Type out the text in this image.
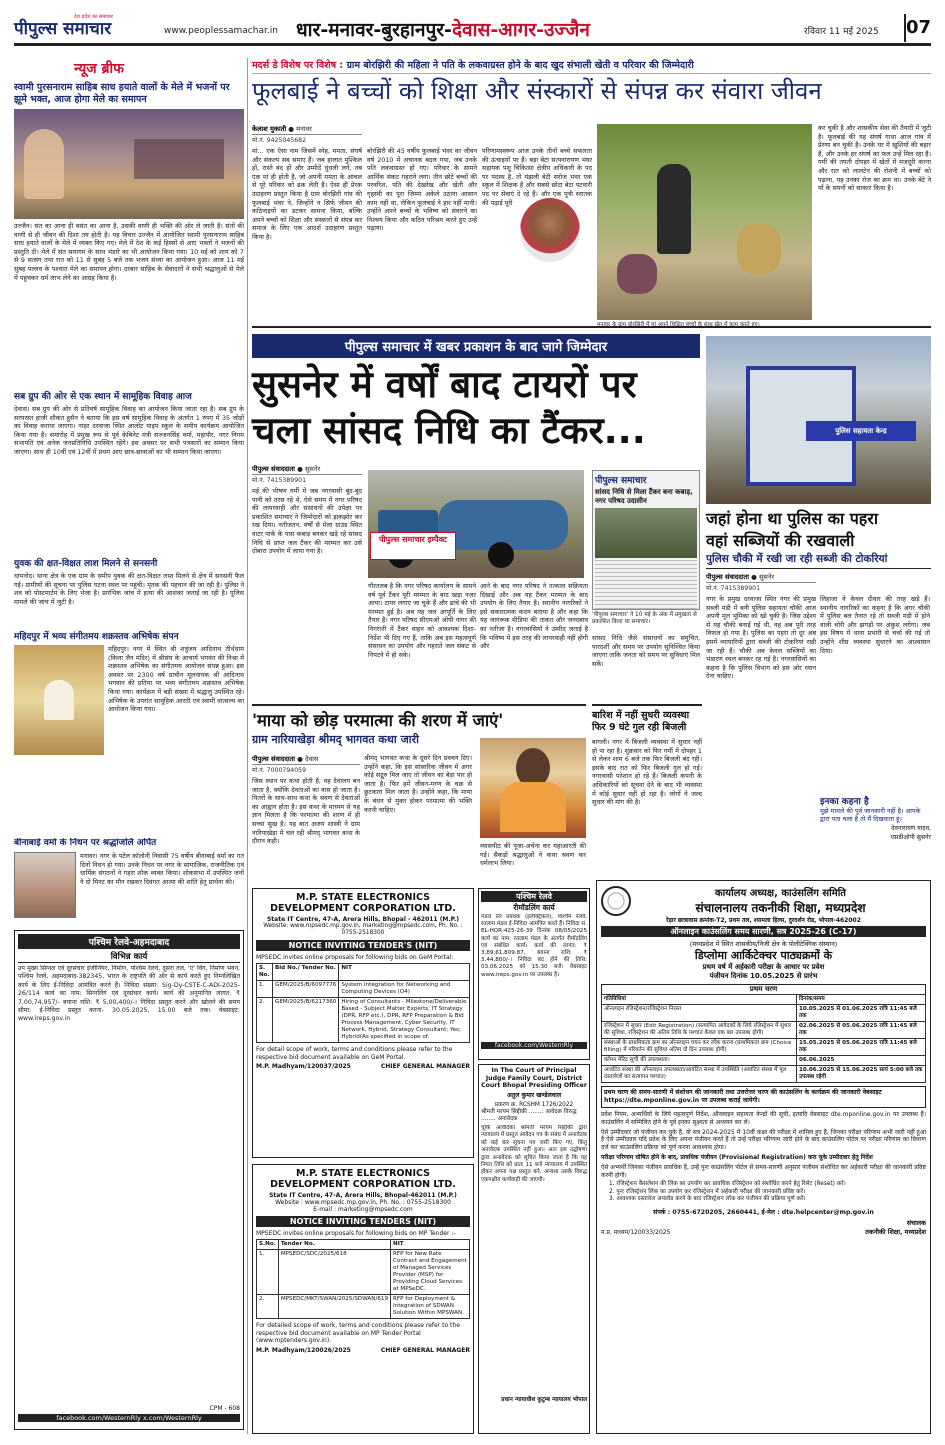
देश प्रदेश का समाचार
पीपुल्स समाचार	www.peoplessamachar.in धार-मनावर-बुरहानपुर-देवास-आगर-उज्जैन	रविवार 11 मई 2025 07
न्यूज ब्रीफ
स्वामी पुरसनाराम साहिब साध हयाते वालों के मेले में भजनों पर झूमे भक्त, आज होगा मेले का समापन
उज्जैन। संत का आना ही वसंत का आना है, उसकी वाणी ही भक्ति की ओर ले जाती है। संतों की वाणी से ही जीवन की दिशा तय होती है। यह विचार उज्जैन में आयोजित स्वामी पुरसनाराम साहिब साध हयाते वालों के मेले में व्यक्त किए गए। मेले में देश के कई हिस्सों से आए भक्तों ने भजनों की प्रस्तुति दी। मेले में संत समागम के साथ भंडारे का भी आयोजन किया गया। 10 मई को शाम को 7 से 9 सत्संग तथा रात को 11 से सुबह 5 बजे तक भजन संध्या का आयोजन हुआ। आज 11 मई सुबह पल्लव के पश्चात मेले का समापन होगा। दरबार साहिब के सेवादारों ने सभी श्रद्धालुओं से मेले में पहुंचकर धर्म लाभ लेने का आग्रह किया है।
सब ग्रुप की ओर से एक स्थान में सामूहिक विवाह आज
देवास। सब ग्रुप की ओर से प्रतिवर्ष सामूहिक विवाह का आयोजन किया जाता रहा है। सब ग्रुप के सरपरस्त हाजी शौकत हुसैन ने बताया कि इस वर्ष सामूहिक विवाह के अंतर्गत 1 रुपए में 35 जोड़ों का विवाह कराया जाएगा। नाहर दरवाजा स्थित आलोट पाइप स्कूल के समीप कार्यक्रम आयोजित किया गया है। समारोह में प्रमुख रूप से पूर्व केबिनेट मंत्री सज्जनसिंह वर्मा, महापौर, नगर निगम सभापति एवं अनेक जनप्रतिनिधि उपस्थित रहेंगे। इस अवसर पर सभी पत्रकारों का सम्मान किया जाएगा। साथ ही 10वीं एवं 12वीं में प्रथम आए छात्र-छात्राओं का भी सम्मान किया जाएगा।
युवक की क्षत-विक्षत लाश मिलने से सनसनी
धामनोद। थाना क्षेत्र के एक ग्राम के समीप युवक की क्षत-विक्षत लाश मिलने से क्षेत्र में सनसनी फैल गई। ग्रामीणों की सूचना पर पुलिस घटना स्थल पर पहुंची। मृतक की पहचान की जा रही है। पुलिस ने शव को पोस्टमार्टम के लिए भेजा है। प्रारंभिक जांच में हत्या की आशंका जताई जा रही है। पुलिस मामले की जांच में जुटी है।
महिदपुर में भव्य संगीतमय शक्रस्तव अभिषेक संपन
महिदपुर। नगर में स्थित श्री शत्रुंजय आदिनाथ तीर्थधाम (किला जैन मंदिर) में श्रीसंघ के आचार्य भगवंत की निश्रा में शक्रस्तव अभिषेक का संगीतमय आयोजन संपन्न हुआ। इस अवसर पर 2300 वर्ष प्राचीन मूलनायक श्री आदिनाथ भगवान की प्रतिमा पर भव्य संगीतमय शक्रस्तव अभिषेक किया गया। कार्यक्रम में बड़ी संख्या में श्रद्धालु उपस्थित रहे। अभिषेक के उपरांत सामूहिक आरती एवं स्वामी वात्सल्य का आयोजन किया गया।
बीनाबाई वर्मा के निधन पर श्रद्धांजलि अर्पित
मनावर। नगर के पटेल कॉलोनी निवासी 75 वर्षीय बीनाबाई वर्मा का गत दिनों निधन हो गया। उनके निधन पर नगर के सामाजिक, राजनीतिक एवं धार्मिक संगठनों ने गहरा शोक व्यक्त किया। शोकसभा में उपस्थित जनों ने दो मिनट का मौन रखकर दिवंगत आत्मा की शांति हेतु प्रार्थना की।
पश्चिम रेलवे-अहमदाबाद
विभिन्न कार्य
उप मुख्य सिग्नल एवं दूरसंचार इंजीनियर, निर्माण, पश्चिम रेलवे, दूसरा तल, 'ए' विंग, निर्माण भवन, पश्चिम रेलवे, अहमदाबाद-382345, भारत के राष्ट्रपति की ओर से कार्य करते हुए निम्नलिखित कार्य के लिए ई-निविदा आमंत्रित करते हैं। निविदा संख्या: Sig-Dy-CSTE-C-ADI-2025-26/114 कार्य का नाम: सिग्नलिंग एवं दूरसंचार कार्य। कार्य की अनुमानित लागत: ₹ 7,00,74,957/- बयाना राशि: ₹ 5,00,400/-। निविदा प्रस्तुत करने और खोलने की समय सीमा: ई-निविदा प्रस्तुत करना- 30.05.2025, 15.00 बजे तक। वेबसाइट: www.ireps.gov.in
CPM - 608
facebook.com/WesternRly x.com/WesternRly
मदर्स डे विशेष पर विशेष : ग्राम बोरझिरी की महिला ने पति के लकवाग्रस्त होने के बाद खुद संभाली खेती व परिवार की जिम्मेदारी
फूलबाई ने बच्चों को शिक्षा और संस्कारों से संपन्न कर संवारा जीवन
केलाश मुकाती ● मनावर
मो.नं. 9425045682
मां... एक ऐसा नाम जिसमें स्नेह, ममता, संघर्ष और संकल्प सब समाए हैं। जब हालात मुश्किल हों, रास्ते बंद हों और उम्मीदें धुंधली लगें, तब एक मां ही होती है, जो अपनी ममता के आंचल से पूरे परिवार को ढक लेती है। ऐसा ही प्रेरक उदाहरण प्रस्तुत किया है ग्राम बोरझिरी गांव की फूलबाई भंवर ने, जिन्होंने न सिर्फ जीवन की कठिनाइयों का डटकर सामना किया, बल्कि अपने बच्चों को शिक्षा और संस्कारों से संपन्न कर समाज के लिए एक आदर्श उदाहरण प्रस्तुत किया है।
बोरझिरी की 45 वर्षीय फूलबाई भंवर का जीवन वर्ष 2010 में अचानक बदल गया, जब उनके पति लकवाग्रस्त हो गए। परिवार के सामने आर्थिक संकट गहराने लगा। तीन छोटे बच्चों की परवरिश, पति की देखरेख और खेती और गृहस्थी का पूरा जिम्मा अकेले उठाना आसान काम नहीं था, लेकिन फूलबाई ने हार नहीं मानी। उन्होंने अपने बच्चों के भविष्य को संवारने का निश्चय किया और कठिन परिश्रम करते हुए उन्हें पढ़ाया।
परिणामस्वरूप आज उनके तीनों बच्चे सफलता की ऊंचाइयों पर हैं। बड़ा बेटा सत्यनारायण भंवर सहायक पशु चिकित्सा क्षेत्रीय अधिकारी के पद पर पदस्थ है, तो मंझली बेटी सरोज भंवर एक स्कूल में शिक्षक है और सबसे छोटा बेटा पटवारी पद पर सेवाएं दे रहे हैं। और एक पुत्री स्नातक की पढ़ाई पूरी
मनावर के ग्राम बोरझिरी में मां अपने शिक्षित बच्चों के साथ खेत में काम करते हुए।
कर चुकी है और शासकीय सेवा की तैयारी में जुटी है। फूलबाई की यह संघर्ष गाथा आज गांव में प्रेरणा बन चुकी है। उनके घर में खुशियों की बहार है, और उनके हर संघर्ष का फल उन्हें मिल रहा है। गर्मी की तपती दोपहर में खेतों में मजदूरी करना और रात को लालटेन की रोशनी में बच्चों को पढ़ाना, यह उनका रोज का क्रम था। उनके बेटे ने माँ के सपनों को साकार किया है।
पीपुल्स समाचार में खबर प्रकाशन के बाद जागे जिम्मेदार
सुसनेर में वर्षों बाद टायरों पर चला सांसद निधि का टैंकर...
पीपुल्स संवाददाता ● सुसनेर
मो.नं. 7415389901
मई की भीषण गर्मी में जब नगरवासी बूंद-बूंद पानी को तरस रहे थे, ऐसे समय में नगर परिषद की लापरवाही और संसाधनों की उपेक्षा पर प्रकाशित समाचार ने जिम्मेदारों को झकझोर कर रख दिया। नतीजतन, वर्षों से मेला ग्राउंड स्थित वाटर पार्क के पास कबाड़ बनकर खड़े रहे सांसद निधि से प्राप्त जल टैंकर की मरम्मत कर उसे दोबारा उपयोग में लाया गया है।
पीपुल्स समाचार इम्पैक्ट
गौरतलब है कि नगर परिषद कार्यालय के सामने वर्ष पूर्व टैंकर पूरी मरम्मत के बाद खड़ा नज़र आया। टायर लगाए जा चुके हैं और ढांचे की भी मरम्मत हुई है। अब यह जल आपूर्ति के लिए तैयार है। नगर परिषद सीएमओ ओपी नागर की निगरानी में टैंकर वाहन को आवश्यक दिशा-निर्देश भी दिए गए हैं, ताकि अब इस महत्वपूर्ण संसाधन का उपयोग और गहराते जल संकट से निपटने में हो सके।
आने के बाद नगर परिषद ने तत्काल सक्रियता दिखाई और अब यह टैंकर मरम्मत के बाद उपयोग के लिए तैयार है। स्थानीय नागरिकों ने इसे सकारात्मक कदम बताया है और कहा कि यह जागरूक मीडिया की ताकत और जनदबाव का नतीजा है। नगरवासियों ने उम्मीद जताई है कि भविष्य में इस तरह की लापरवाही नहीं होगी और
पीपुल्स समाचार
सांसद निधि से मिला टैंकर बना कबाड़, नगर परिषद उदासीन
'पीपुल्स समाचार' ने 10 मई के अंक में प्रमुखता से प्रकाशित किया था समाचार।
सांसद निधि जैसे संसाधनों का समुचित, पारदर्शी और समय पर उपयोग सुनिश्चित किया जाएगा ताकि जनता को समय पर सुविधाएं मिल सकें।
पुलिस सहायता केन्द्र
जहां होना था पुलिस का पहरा
वहां सब्जियों की रखवाली
पुलिस चौकी में रखी जा रही सब्जी की टोकरियां
पीपुल्स संवाददाता ● सुसनेर
मो.नं. 7415389901
नगर के प्रमुख दरवाजा स्थित नगर की प्रमुख सब्जी मंडी में बनी पुलिस सहायता चौकी आज अपनी मूल भूमिका को खो चुकी है। जिस उद्देश्य से यह चौकी बनाई गई थी, वह अब पूरी तरह विफल हो गया है। पुलिस का पहरा तो दूर अब इसमें व्यापारियों द्वारा सब्जी की टोकरियां रखी जा रही हैं। चौकी अब केवल सब्जियों का भंडारण स्थल बनकर रह गई है। नगरवासियों का कहना है कि पुलिस विभाग को इस ओर ध्यान देना चाहिए।
लिहाजा वे केवल दीवार की तरह खड़े हैं। स्थानीय नागरिकों का कहना है कि अगर चौकी में पुलिस बल तैनात रहे तो सब्जी मंडी में होने वाली चोरी और झगड़ों पर अंकुश लगेगा। जब इस विषय में थाना प्रभारी से चर्चा की गई तो उन्होंने शीघ्र व्यवस्था सुधारने का आश्वासन दिया।
इनका कहना है
मुझे मामले की पूर्व जानकारी नहीं है। आपके द्वारा पता चला है तो मैं दिखवाता हूं।
देवनारायण यादव,
एसडीओपी सुसनेर
'माया को छोड़ परमात्मा की शरण में जाएं'
ग्राम नारियाखेड़ा श्रीमद् भागवत कथा जारी
पीपुल्स संवाददाता ● देवास
मो.नं. 7000794059
जिस स्थान पर कथा होती है, वह देवालय बन जाता है, क्योंकि देवताओं का वास हो जाता है। पितरों के साथ-साथ कथा के श्रवण से देवताओं का आह्वान होता है। इस कथा के माध्यम से यह ज्ञान मिलता है कि परमात्मा की शरण में ही सच्चा सुख है। यह बात अजय शास्त्री ने ग्राम नारियाखेड़ा में चल रही श्रीमद् भागवत कथा के दौरान कही।
श्रीमद् भागवत कथा के दूसरे दिन प्रवचन दिए। उन्होंने कहा, कि इस सांसारिक जीवन में अगर कोई सद्गुरु मिल जाए तो जीवन का बेड़ा पार हो जाता है। फिर हमें जीवन-मरण के चक्र से छुटकारा मिल जाता है। उन्होंने कहा, कि माया के बंधन से मुक्त होकर परमात्मा की भक्ति करनी चाहिए।
व्यासपीठ की पूजा-अर्चना कर महाआरती की गई। सैकड़ों श्रद्धालुओं ने कथा श्रवण कर धर्मलाभ लिया।
बारिश में नहीं सुधरी व्यवस्था फिर 9 घंटे गुल रही बिजली
बागली। नगर में बिजली व्यवस्था में सुधार नहीं हो पा रहा है। शुक्रवार को फिर गर्मी में दोपहर 1 से लेकर शाम 6 बजे तक फिर बिजली बंद रही। इसके बाद रात को फिर बिजली गुल हो गई। नगरवासी परेशान हो रहे हैं। बिजली कंपनी के अधिकारियों को सूचना देने के बाद भी व्यवस्था में कोई सुधार नहीं हो रहा है। लोगों ने जल्द सुधार की मांग की है।
M.P. STATE ELECTRONICS DEVELOPMENT CORPORATION LTD.
State IT Centre, 47-A, Arera Hills, Bhopal - 462011 (M.P.)
Website: www.mpsedc.mp.gov.in, marketing@mpsedc.com, Ph. No. : 0755-2518300
NOTICE INVITING TENDER'S (NIT)
MPSEDC invites online proposals for following bids on GeM Portal:
S. No.	Bid No./ Tender No.	NIT
1.	GEM/2025/B/6097776	System Integration for Networking and Computing Devices (O4)
2.	GEM/2025/B/6217360	Hiring of Consultants - Milestone/Deliverable Based - Subject Matter Experts; IT Strategy (DPR, RFP etc.), DPR, RFP Preparation & Bid Process Management, Cyber Security, IT Network, Hybrid, Strategy Consultant; Yes; Hybrid(As specified in scope of.
For detail scope of work, terms and conditions please refer to the respective bid document available on GeM Portal.
M.P. Madhyam/120037/2025	CHIEF GENERAL MANAGER
M.P. STATE ELECTRONICS DEVELOPMENT CORPORATION LTD.
State IT Centre, 47-A, Arera Hills, Bhopal-462011 (M.P.)
Website : www.mpsedc.mp.gov.in, Ph. No. : 0755-2518300
E-mail : marketing@mpsedc.com
NOTICE INVITING TENDERS (NIT)
MPSEDC invites online proposals for following bids on MP Tender :-
S.No.	Tender No.	NIT
1.	MPSEDC/SDC/2025/618	RFP for New Rate Contract and Engagement of Managed Services Provider (MSP) for Providing Cloud Services at MPSeDC.
2.	MPSEDC/MKT/SWAN/2025/SDWAN/619	RFP for Deployment & Integration of SDWAN Solution Within MPSWAN.
For detailed scope of work, terms and conditions please refer to the respective bid document available on MP Tender Portal (www.mptenders.gov.in).
M.P. Madhyam/120026/2025	CHIEF GENERAL MANAGER
पश्चिम रेलवे
रीमॉडलिंग कार्य
मंडल रेल प्रबंधक (इलेक्ट्रिकल), पश्चिम रेलवे, रतलाम मंडल ई-निविदा आमंत्रित करते हैं। निविदा सं. EL-HQR-425-26-39 दिनांक 08/05/2025 कार्य का नाम: रतलाम मंडल के अंतर्गत रीमॉडलिंग एवं संबंधित कार्य। कार्य की लागत: ₹ 3,89,61,809.87, बयाना राशि: ₹ 3,44,800/-। निविदा बंद होने की तिथि: 03.06.2025 को 15.30 बजे। वेबसाइट www.ireps.gov.in पर उपलब्ध है।
facebook.com/WesternRly
In The Court of Principal Judge Family Court, District Court Bhopal Presiding Officer
अतुल कुमार खण्डेलवाल
प्रकरण क्र. RCSHM 1726/2022
श्रीमती मरयम सिद्दीकी ........ आवेदक विरुद्ध ........ अनावेदक
चूंकि आवेदिका श्रीमती मरयम सिद्दीकी द्वारा न्यायालय में प्रस्तुत आवेदन पत्र के संबंध में अनावेदक को कई बार सूचना पत्र जारी किए गए, किंतु अनावेदक उपस्थित नहीं हुआ। अतः इस उद्घोषणा द्वारा अनावेदक को सूचित किया जाता है कि वह नियत तिथि को प्रातः 11 बजे न्यायालय में उपस्थित होकर अपना पक्ष प्रस्तुत करे, अन्यथा उसके विरुद्ध एकपक्षीय कार्यवाही की जाएगी।
प्रधान न्यायाधीश कुटुम्ब न्यायालय भोपाल
कार्यालय अध्यक्ष, काउंसलिंग समिति
संचालनालय तकनीकी शिक्षा, मध्यप्रदेश
रेड़ार छात्रावास क्रमांक-T2, प्रथम तल, श्यामला हिल्स, दुरदर्शन रोड, भोपाल-462002
ऑनलाइन काउंसलिंग समय सारणी, सत्र 2025-26 (C-17)
(मध्यप्रदेश में स्थित शासकीय/निजी क्षेत्र के पोलीटेक्निक संस्थान)
डिप्लोमा आर्किटेक्चर पाठ्यक्रमों के
प्रथम वर्ष में अर्हकारी परीक्षा के आधार पर प्रवेश
पंजीयन दिनांक 10.05.2025 से प्रारंभ
प्रथम चरण
गतिविधियां	दिनांक/समय
ऑनलाइन रजिस्ट्रेशन/रजिस्ट्रेशन निरस्त	10.05.2025 से 01.06.2025 रात्रि 11:45 बजे तक
रजिस्ट्रेशन में सुधार (Edit Registration) (सत्यापित आवेदकों के लिये रजिस्ट्रेशन में सुधार की सुविधा, रजिस्ट्रेशन की अंतिम तिथि के पश्चात केवल एक बार उपलब्ध होगी)	02.06.2025 से 05.06.2025 रात्रि 11:45 बजे तक
संस्थाओं के प्राथमिकता क्रम का ऑनलाइन चयन कर लॉक करना (प्राथमिकता क्रम (Choice filling) में परिवर्तन की सुविधा अंतिम दो दिन उपलब्ध होगी)	15.05.2025 से 05.06.2025 रात्रि 11:45 बजे तक
कॉमन मेरिट सूची की उपलब्धता।	06.06.2025
आवंटित संस्था की ऑनलाइन उपलब्धता/आवंटित संस्था में उपस्थिति (आवंटित संस्था में मूल दस्तावेजों का सत्यापन पश्चात)	10.06.2025 से 15.06.2025 सायं 5:00 बजे तक उपलब्ध रहेगी
प्रथम चरण की समय-सारणी में संशोधन की जानकारी तथा उत्तरोत्तर चरण की काउंसलिंग के कार्यक्रम की जानकारी वेबसाइट https://dte.mponline.gov.in पर उपलब्ध कराई जायेगी।
प्रवेश नियम, अभ्यर्थियों के लिये महत्वपूर्ण निर्देश, ऑनलाइन सहायता केन्द्रों की सूची, इत्यादि वेबसाइट dte.mponline.gov.in पर उपलब्ध हैं। काउंसलिंग में सम्मिलित होने के पूर्व इनका सूक्ष्मता से अध्ययन कर लें।
ऐसे उम्मीदवार जो पंजीयन कर चुके हैं, वो सत्र 2024-2025 में 10वीं कक्षा की परीक्षा में शामिल हुए हैं, जिनका परीक्षा परिणाम अभी जारी नहीं हुआ है ऐसे उम्मीदवार यदि प्रवेश के लिए अपना पंजीयन करते हैं तो उन्हें परीक्षा परिणाम जारी होने के बाद काउंसलिंग पोर्टल पर परीक्षा परिणाम का विवरण दर्ज कर काउंसलिंग प्रक्रिया को पूर्ण करना आवश्यक होगा।
परीक्षा परिणाम घोषित होने के बाद, प्रावधिक पंजीयन (Provisional Registration) करा चुके उम्मीदवार हेतु निर्देश
ऐसे अभ्यर्थी जिनका पंजीयन प्रावधिक है, उन्हें पुनः काउंसलिंग पोर्टल से समय-सारणी अनुसार पंजीयन संशोधित कर अर्हकारी परीक्षा की जानकारी प्रविष्ट करनी होगी।
1. रजिस्ट्रेशन कैंसलेशन की लिंक का उपयोग कर प्रावधिक रजिस्ट्रेशन को संशोधित करने हेतु रिसेट (Reset) करें।
2. पुनः रजिस्ट्रेशन लिंक का उपयोग कर रजिस्ट्रेशन में अर्हकारी परीक्षा की जानकारी प्रविष्ट करें।
3. आवश्यक दस्तावेज अपलोड करने के बाद रजिस्ट्रेशन लॉक कर पंजीयन की प्रक्रिया पूर्ण करें।
संपर्क : 0755-6720205, 2660441, ई-मेल : dte.helpcenter@mp.gov.in
म.प्र. माध्यम/120033/2025
संचालक
तकनीकी शिक्षा, मध्यप्रदेश
